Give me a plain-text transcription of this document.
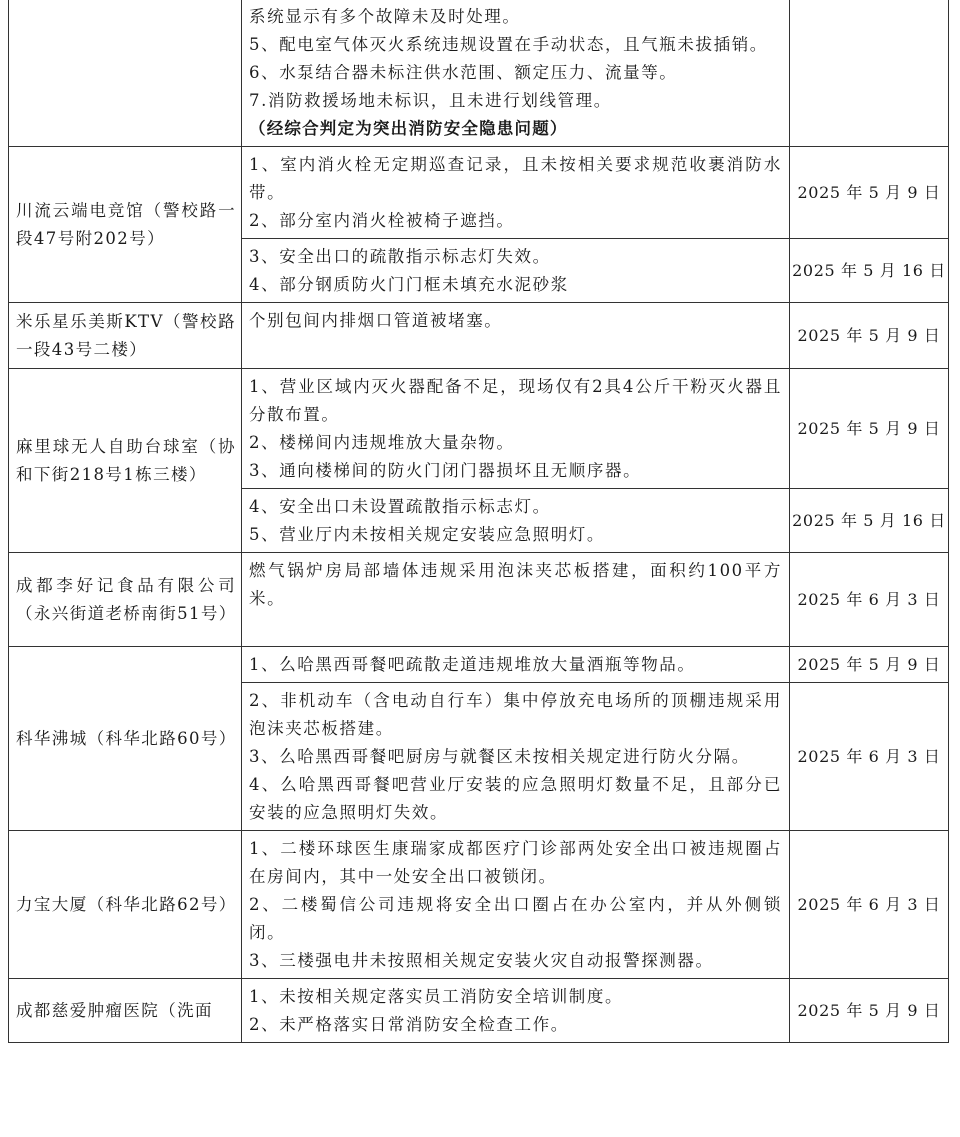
	系统显示有多个故障未及时处理。
5、配电室气体灭火系统违规设置在手动状态，且气瓶未拔插销。
6、水泵结合器未标注供水范围、额定压力、流量等。
7.消防救援场地未标识，且未进行划线管理。
（经综合判定为突出消防安全隐患问题）	

川流云端电竞馆（警校路一段47号附202号）	1、室内消火栓无定期巡查记录，且未按相关要求规范收裹消防水带。
2、部分室内消火栓被椅子遮挡。	2025 年 5 月 9 日

	3、安全出口的疏散指示标志灯失效。
4、部分钢质防火门门框未填充水泥砂浆	2025 年 5 月 16 日
米乐星乐美斯KTV（警校路一段43号二楼）	个别包间内排烟口管道被堵塞。	2025 年 5 月 9 日
麻里球无人自助台球室（协和下街218号1栋三楼）	1、营业区域内灭火器配备不足，现场仅有2具4公斤干粉灭火器且分散布置。
2、楼梯间内违规堆放大量杂物。
3、通向楼梯间的防火门闭门器损坏且无顺序器。	2025 年 5 月 9 日

	4、安全出口未设置疏散指示标志灯。
5、营业厅内未按相关规定安装应急照明灯。	2025 年 5 月 16 日
成都李好记食品有限公司（永兴街道老桥南街51号）	燃气锅炉房局部墙体违规采用泡沫夹芯板搭建，面积约100平方米。	2025 年 6 月 3 日
科华沸城（科华北路60号）	1、么哈黑西哥餐吧疏散走道违规堆放大量酒瓶等物品。	2025 年 5 月 9 日

	2、非机动车（含电动自行车）集中停放充电场所的顶棚违规采用泡沫夹芯板搭建。
3、么哈黑西哥餐吧厨房与就餐区未按相关规定进行防火分隔。
4、么哈黑西哥餐吧营业厅安装的应急照明灯数量不足，且部分已安装的应急照明灯失效。	2025 年 6 月 3 日
力宝大厦（科华北路62号）	1、二楼环球医生康瑞家成都医疗门诊部两处安全出口被违规圈占在房间内，其中一处安全出口被锁闭。
2、二楼蜀信公司违规将安全出口圈占在办公室内，并从外侧锁闭。
3、三楼强电井未按照相关规定安装火灾自动报警探测器。	2025 年 6 月 3 日
成都慈爱肿瘤医院（洗面	1、未按相关规定落实员工消防安全培训制度。
2、未严格落实日常消防安全检查工作。	2025 年 5 月 9 日
